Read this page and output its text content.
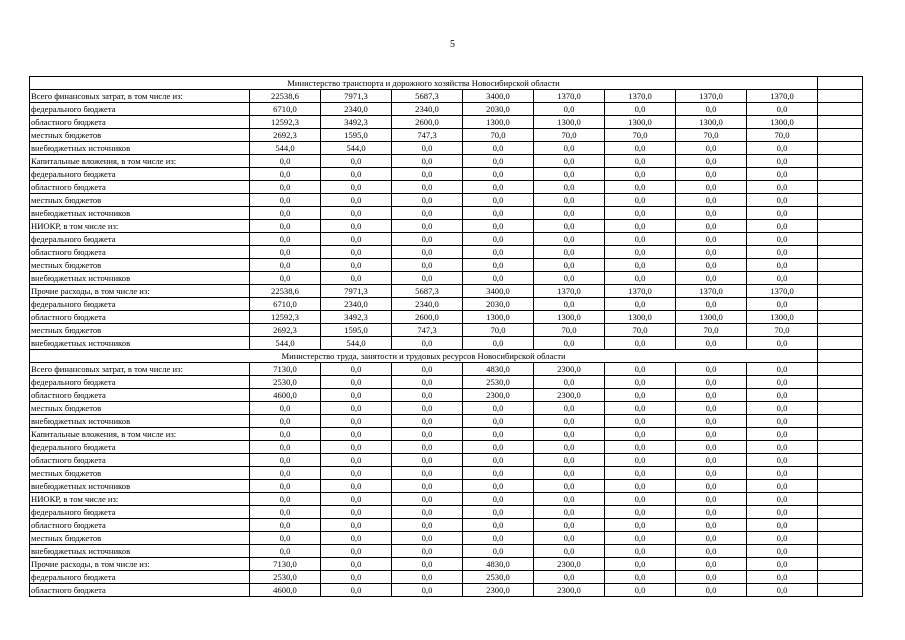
5
Министерство транспорта и дорожного хозяйства Новосибирской области									
Всего финансовых затрат, в том числе из:	22538,6	7971,3	5687,3	3400,0	1370,0	1370,0	1370,0	1370,0	
федерального бюджета	6710,0	2340,0	2340,0	2030,0	0,0	0,0	0,0	0,0	
областного бюджета	12592,3	3492,3	2600,0	1300,0	1300,0	1300,0	1300,0	1300,0	
местных бюджетов	2692,3	1595,0	747,3	70,0	70,0	70,0	70,0	70,0	
внебюджетных источников	544,0	544,0	0,0	0,0	0,0	0,0	0,0	0,0	
Капитальные вложения, в том числе из:	0,0	0,0	0,0	0,0	0,0	0,0	0,0	0,0	
федерального бюджета	0,0	0,0	0,0	0,0	0,0	0,0	0,0	0,0	
областного бюджета	0,0	0,0	0,0	0,0	0,0	0,0	0,0	0,0	
местных бюджетов	0,0	0,0	0,0	0,0	0,0	0,0	0,0	0,0	
внебюджетных источников	0,0	0,0	0,0	0,0	0,0	0,0	0,0	0,0	
НИОКР, в том числе из:	0,0	0,0	0,0	0,0	0,0	0,0	0,0	0,0	
федерального бюджета	0,0	0,0	0,0	0,0	0,0	0,0	0,0	0,0	
областного бюджета	0,0	0,0	0,0	0,0	0,0	0,0	0,0	0,0	
местных бюджетов	0,0	0,0	0,0	0,0	0,0	0,0	0,0	0,0	
внебюджетных источников	0,0	0,0	0,0	0,0	0,0	0,0	0,0	0,0	
Прочие расходы, в том числе из:	22538,6	7971,3	5687,3	3400,0	1370,0	1370,0	1370,0	1370,0	
федерального бюджета	6710,0	2340,0	2340,0	2030,0	0,0	0,0	0,0	0,0	
областного бюджета	12592,3	3492,3	2600,0	1300,0	1300,0	1300,0	1300,0	1300,0	
местных бюджетов	2692,3	1595,0	747,3	70,0	70,0	70,0	70,0	70,0	
внебюджетных источников	544,0	544,0	0,0	0,0	0,0	0,0	0,0	0,0	
Министерство труда, занятости и трудовых ресурсов Новосибирской области									
Всего финансовых затрат, в том числе из:	7130,0	0,0	0,0	4830,0	2300,0	0,0	0,0	0,0	
федерального бюджета	2530,0	0,0	0,0	2530,0	0,0	0,0	0,0	0,0	
областного бюджета	4600,0	0,0	0,0	2300,0	2300,0	0,0	0,0	0,0	
местных бюджетов	0,0	0,0	0,0	0,0	0,0	0,0	0,0	0,0	
внебюджетных источников	0,0	0,0	0,0	0,0	0,0	0,0	0,0	0,0	
Капитальные вложения, в том числе из:	0,0	0,0	0,0	0,0	0,0	0,0	0,0	0,0	
федерального бюджета	0,0	0,0	0,0	0,0	0,0	0,0	0,0	0,0	
областного бюджета	0,0	0,0	0,0	0,0	0,0	0,0	0,0	0,0	
местных бюджетов	0,0	0,0	0,0	0,0	0,0	0,0	0,0	0,0	
внебюджетных источников	0,0	0,0	0,0	0,0	0,0	0,0	0,0	0,0	
НИОКР, в том числе из:	0,0	0,0	0,0	0,0	0,0	0,0	0,0	0,0	
федерального бюджета	0,0	0,0	0,0	0,0	0,0	0,0	0,0	0,0	
областного бюджета	0,0	0,0	0,0	0,0	0,0	0,0	0,0	0,0	
местных бюджетов	0,0	0,0	0,0	0,0	0,0	0,0	0,0	0,0	
внебюджетных источников	0,0	0,0	0,0	0,0	0,0	0,0	0,0	0,0	
Прочие расходы, в том числе из:	7130,0	0,0	0,0	4830,0	2300,0	0,0	0,0	0,0	
федерального бюджета	2530,0	0,0	0,0	2530,0	0,0	0,0	0,0	0,0	
областного бюджета	4600,0	0,0	0,0	2300,0	2300,0	0,0	0,0	0,0	
